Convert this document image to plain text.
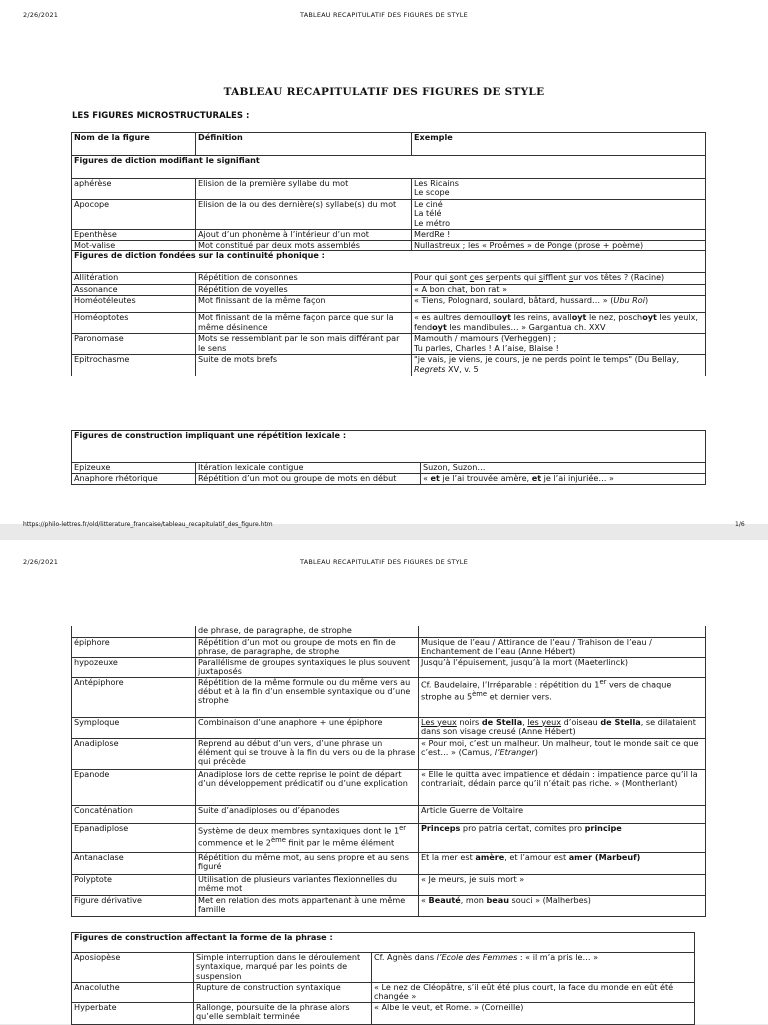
2/26/2021	TABLEAU RECAPITULATIF DES FIGURES DE STYLE
TABLEAU RECAPITULATIF DES FIGURES DE STYLE
LES FIGURES MICROSTRUCTURALES :
Nom de la figure	Définition	Exemple
Figures de diction modifiant le signifiant		
aphérèse	Elision de la première syllabe du mot	Les Ricains
Le scope
Apocope	Elision de la ou des dernière(s) syllabe(s) du mot	Le ciné
La télé
Le métro
Epenthèse	Ajout d’un phonème à l’intérieur d’un mot	MerdRe !
Mot-valise	Mot constitué par deux mots assemblés	Nullastreux ; les « Proêmes » de Ponge (prose + poème)
Figures de diction fondées sur la continuité phonique :		
Allitération	Répétition de consonnes	Pour qui sont ces serpents qui sifflent sur vos têtes ? (Racine)
Assonance	Répétition de voyelles	« A bon chat, bon rat »
Homéotéleutes	Mot finissant de la même façon	« Tiens, Polognard, soulard, bâtard, hussard… » (Ubu Roi)
Homéoptotes	Mot finissant de la même façon parce que sur la même désinence	« es aultres demoulloyt les reins, avalloyt le nez, poschoyt les yeulx, fendoyt les mandibules… » Gargantua ch. XXV
Paronomase	Mots se ressemblant par le son mais différant par le sens	Mamouth / mamours (Verheggen) ;
Tu parles, Charles ! A l’aise, Blaise !
Epitrochasme	Suite de mots brefs	"je vais, je viens, je cours, je ne perds point le temps" (Du Bellay, Regrets XV, v. 5
Figures de construction impliquant une répétition lexicale :		
Epizeuxe	Itération lexicale contigue	Suzon, Suzon…
Anaphore rhétorique	Répétition d’un mot ou groupe de mots en début	« et je l’ai trouvée amère, et je l’ai injuriée… »
https://philo-lettres.fr/old/litterature_francaise/tableau_recapitulatif_des_figure.htm	1/6
2/26/2021	TABLEAU RECAPITULATIF DES FIGURES DE STYLE
	de phrase, de paragraphe, de strophe	
épiphore	Répétition d’un mot ou groupe de mots en fin de phrase, de paragraphe, de strophe	Musique de l’eau / Attirance de l’eau / Trahison de l’eau / Enchantement de l’eau (Anne Hébert)
hypozeuxe	Parallélisme de groupes syntaxiques le plus souvent juxtaposés	Jusqu’à l’épuisement, jusqu’à la mort (Maeterlinck)
Antépiphore	Répétition de la même formule ou du même vers au début et à la fin d’un ensemble syntaxique ou d’une strophe	Cf. Baudelaire, l’Irréparable : répétition du 1er vers de chaque strophe au 5ème et dernier vers.
Symploque	Combinaison d’une anaphore + une épiphore	Les yeux noirs de Stella, les yeux d’oiseau de Stella, se dilataient dans son visage creusé (Anne Hébert)
Anadiplose	Reprend au début d’un vers, d’une phrase un élément qui se trouve à la fin du vers ou de la phrase qui précède	« Pour moi, c’est un malheur. Un malheur, tout le monde sait ce que c’est… » (Camus, l’Etranger)
Epanode	Anadiplose lors de cette reprise le point de départ d’un développement prédicatif ou d’une explication	« Elle le quitta avec impatience et dédain : impatience parce qu’il la contrariait, dédain parce qu’il n’était pas riche. » (Montherlant)
Concaténation	Suite d’anadiploses ou d’épanodes	Article Guerre de Voltaire
Epanadiplose	Système de deux membres syntaxiques dont le 1er commence et le 2ème finit par le même élément	Princeps pro patria certat, comites pro principe
Antanaclase	Répétition du même mot, au sens propre et au sens figuré	Et la mer est amère, et l’amour est amer (Marbeuf)
Polyptote	Utilisation de plusieurs variantes flexionnelles du même mot	« Je meurs, je suis mort »
Figure dérivative	Met en relation des mots appartenant à une même famille	« Beauté, mon beau souci » (Malherbes)
Figures de construction affectant la forme de la phrase :		
Aposiopèse	Simple interruption dans le déroulement syntaxique, marqué par les points de suspension	Cf. Agnès dans l’Ecole des Femmes : « il m’a pris le… »
Anacoluthe	Rupture de construction syntaxique	« Le nez de Cléopâtre, s’il eût été plus court, la face du monde en eût été changée »
Hyperbate	Rallonge, poursuite de la phrase alors qu’elle semblait terminée	« Albe le veut, et Rome. » (Corneille)
